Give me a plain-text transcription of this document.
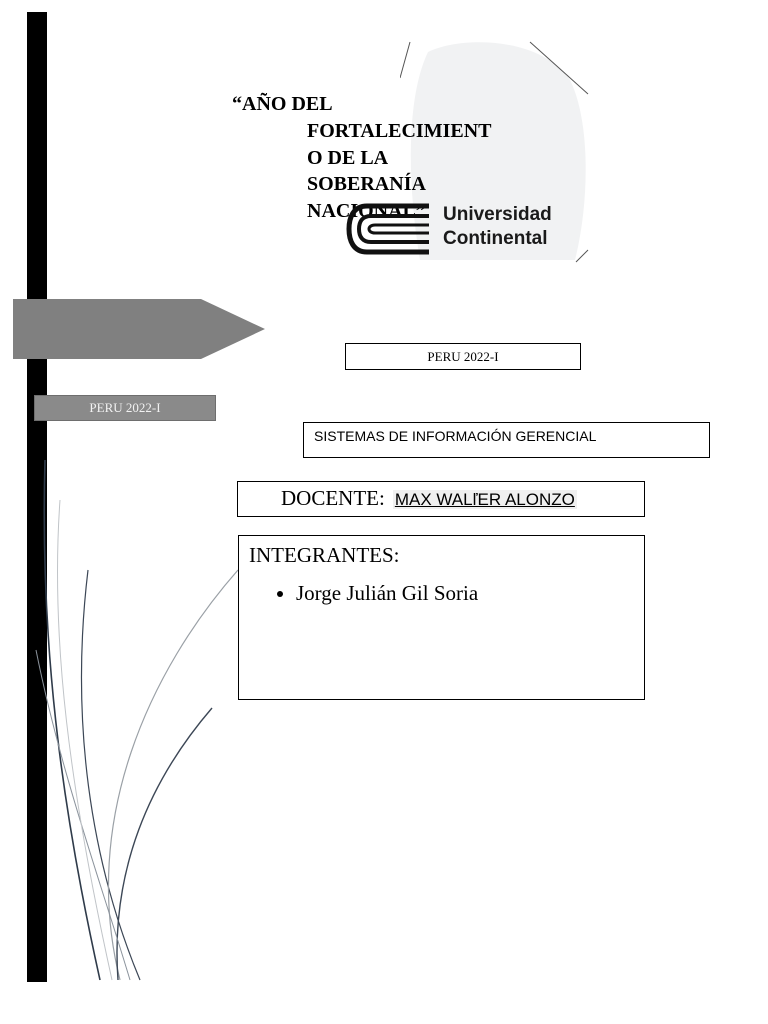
PERU 2022-I
“AÑO DEL
FORTALECIMIENT
O DE LA
SOBERANÍA
NACIONAL” Universidad
Continental
PERU 2022-I
SISTEMAS DE INFORMACIÓN GERENCIAL
DOCENTE: MAX WALľER ALONZO

INTEGRANTES:

• Jorge Julián Gil Soria
